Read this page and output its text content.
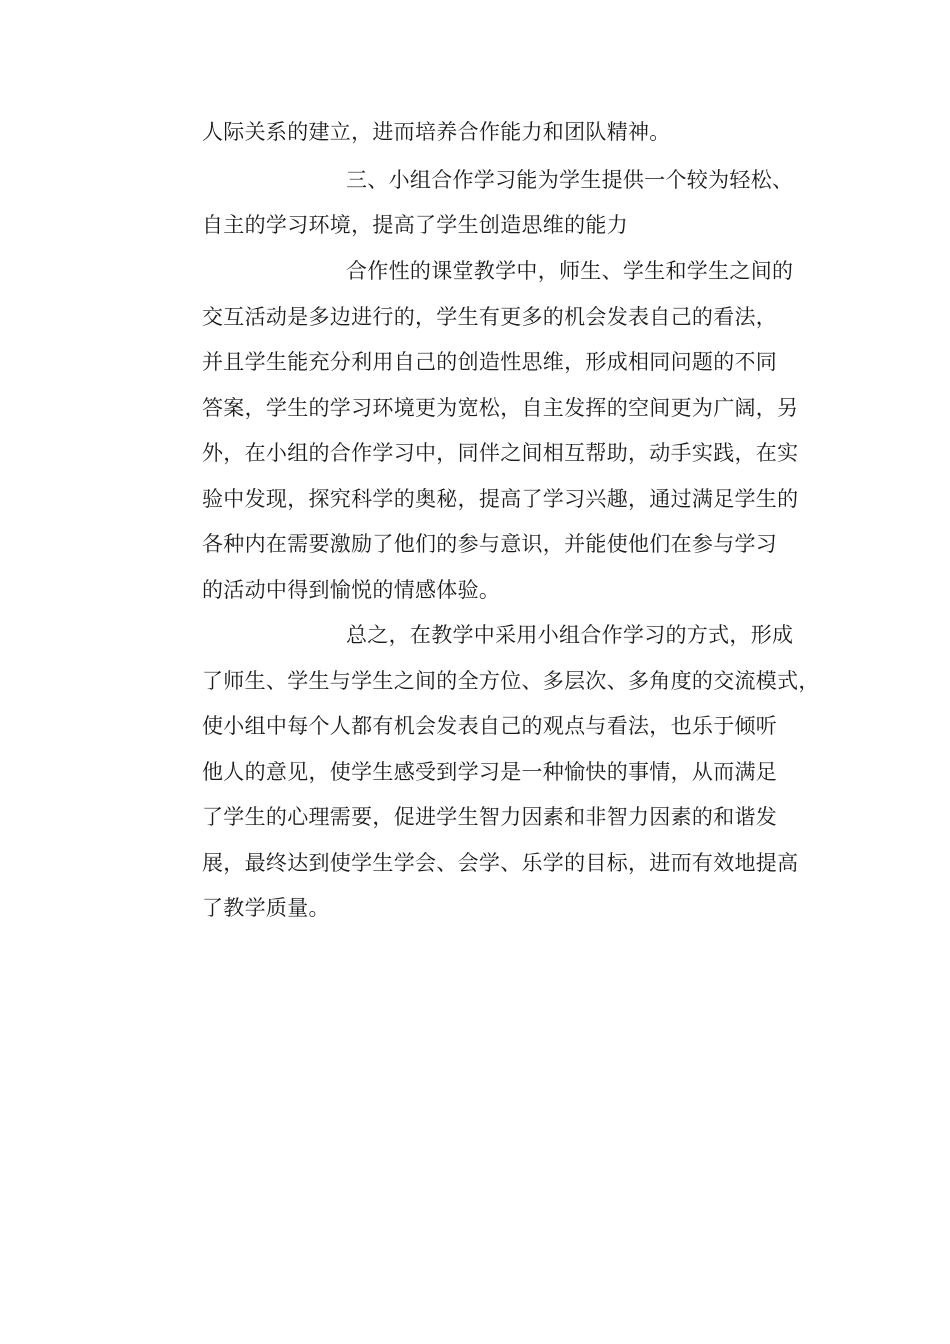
人际关系的建立，进而培养合作能力和团队精神。
三、小组合作学习能为学生提供一个较为轻松、
自主的学习环境，提高了学生创造思维的能力
合作性的课堂教学中，师生、学生和学生之间的
交互活动是多边进行的，学生有更多的机会发表自己的看法，
并且学生能充分利用自己的创造性思维，形成相同问题的不同
答案，学生的学习环境更为宽松，自主发挥的空间更为广阔，另
外，在小组的合作学习中，同伴之间相互帮助，动手实践，在实
验中发现，探究科学的奥秘，提高了学习兴趣，通过满足学生的
各种内在需要激励了他们的参与意识，并能使他们在参与学习
的活动中得到愉悦的情感体验。
总之，在教学中采用小组合作学习的方式，形成
了师生、学生与学生之间的全方位、多层次、多角度的交流模式，
使小组中每个人都有机会发表自己的观点与看法，也乐于倾听
他人的意见，使学生感受到学习是一种愉快的事情，从而满足
了学生的心理需要，促进学生智力因素和非智力因素的和谐发
展，最终达到使学生学会、会学、乐学的目标，进而有效地提高
了教学质量。
